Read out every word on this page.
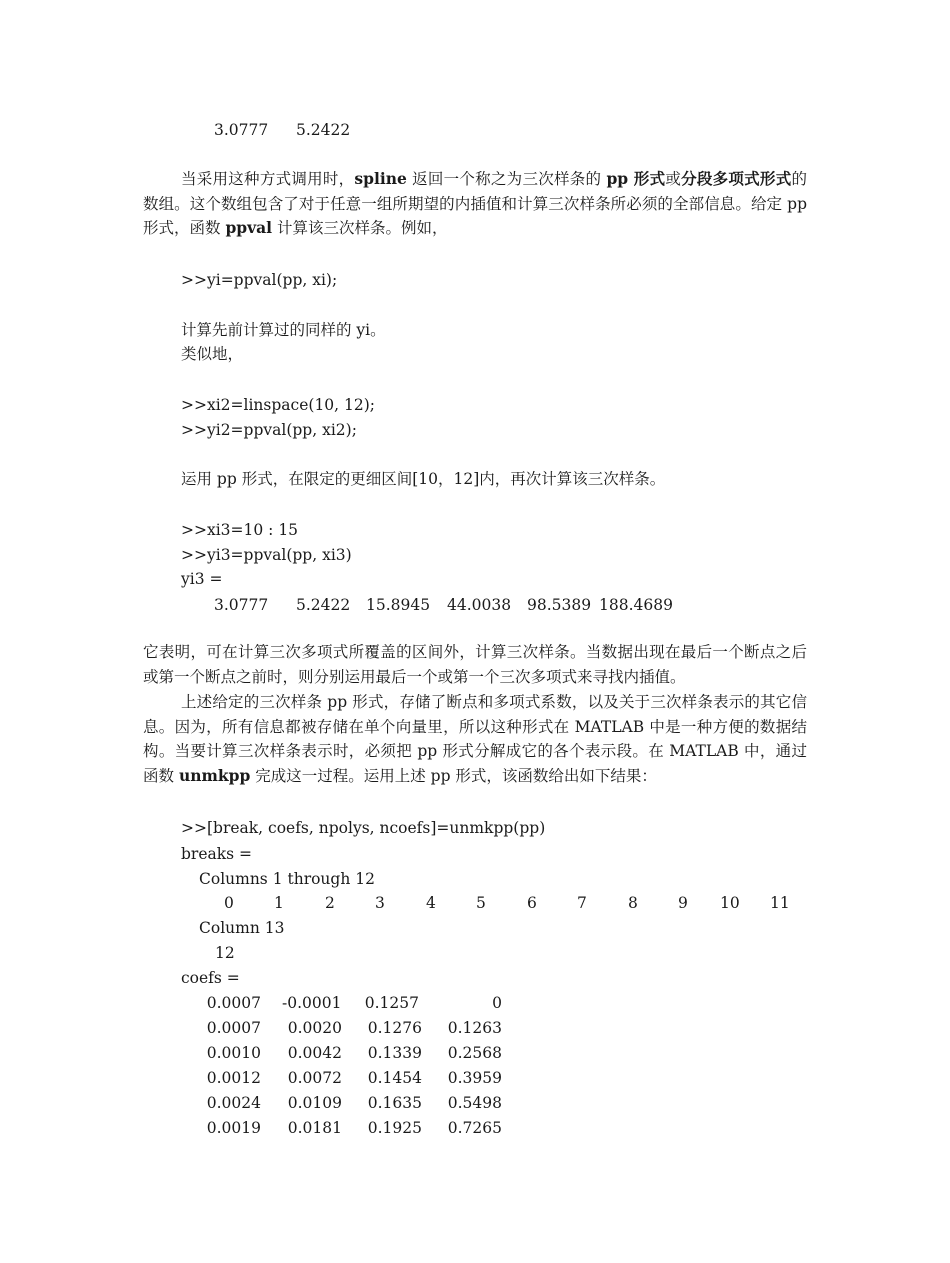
3.0777 5.2422
当采用这种方式调用时，spline 返回一个称之为三次样条的 pp 形式或分段多项式形式的数组。这个数组包含了对于任意一组所期望的内插值和计算三次样条所必须的全部信息。给定 pp 形式，函数 ppval 计算该三次样条。例如，
>>yi=ppval(pp, xi);
计算先前计算过的同样的 yi。
类似地，
>>xi2=linspace(10, 12);
>>yi2=ppval(pp, xi2);
运用 pp 形式，在限定的更细区间[10，12]内，再次计算该三次样条。
>>xi3=10 : 15
>>yi3=ppval(pp, xi3)
yi3 =
3.0777 5.2422 15.8945 44.0038 98.5389 188.4689
它表明，可在计算三次多项式所覆盖的区间外，计算三次样条。当数据出现在最后一个断点之后或第一个断点之前时，则分别运用最后一个或第一个三次多项式来寻找内插值。
上述给定的三次样条 pp 形式，存储了断点和多项式系数，以及关于三次样条表示的其它信息。因为，所有信息都被存储在单个向量里，所以这种形式在 MATLAB 中是一种方便的数据结构。当要计算三次样条表示时，必须把 pp 形式分解成它的各个表示段。在 MATLAB 中，通过函数 unmkpp 完成这一过程。运用上述 pp 形式，该函数给出如下结果：
>>[break, coefs, npolys, ncoefs]=unmkpp(pp)
breaks =
Columns 1 through 12
0	1	2	3	4	5	6	7	8	9 10 11
Column 13
12
coefs =
0.0007 -0.0001 0.1257	0
0.0007 0.0020 0.1276 0.1263
0.0010 0.0042 0.1339 0.2568
0.0012 0.0072 0.1454 0.3959
0.0024 0.0109 0.1635 0.5498
0.0019 0.0181 0.1925 0.7265
